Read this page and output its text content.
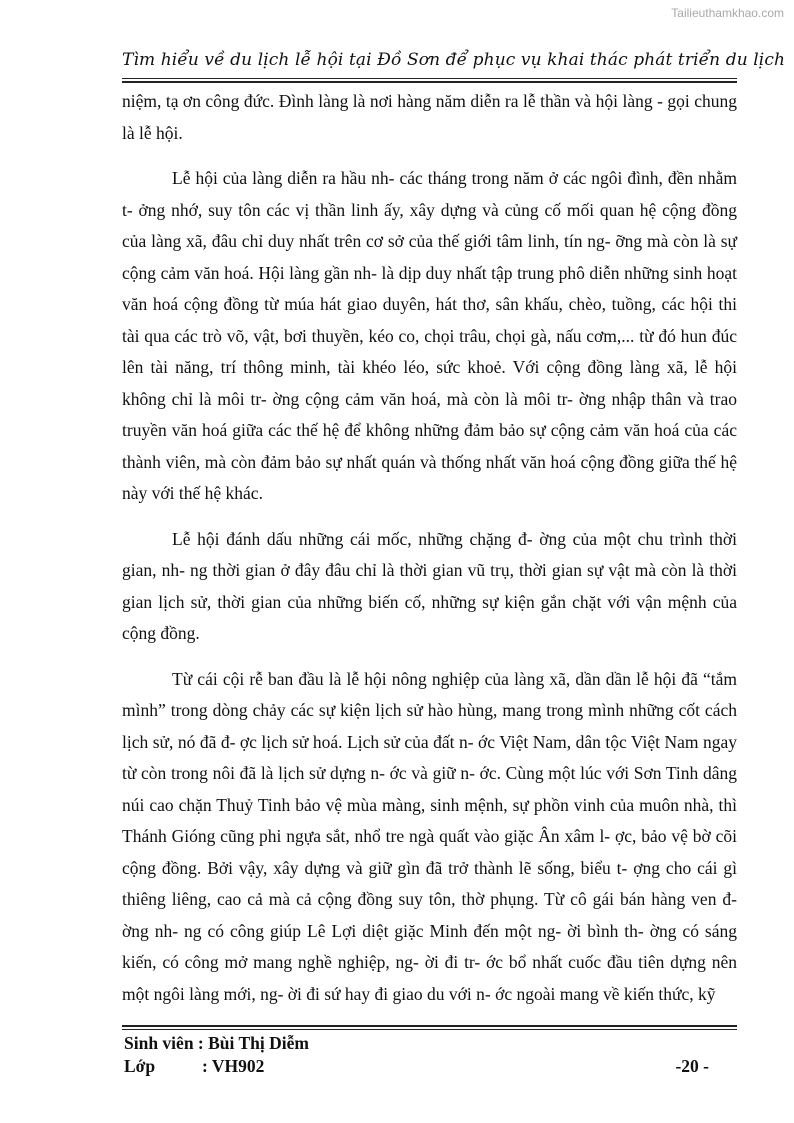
Tailieuthamkhao.com
Tìm hiểu về du lịch lễ hội tại Đồ Sơn để phục vụ khai thác phát triển du lịch

niệm, tạ ơn công đức. Đình làng là nơi hàng năm diễn ra lễ thần và hội làng - gọi chung là lễ hội.

Lễ hội của làng diễn ra hầu nh- các tháng trong năm ở các ngôi đình, đền nhằm t- ởng nhớ, suy tôn các vị thần linh ấy, xây dựng và củng cố mối quan hệ cộng đồng của làng xã, đâu chỉ duy nhất trên cơ sở của thế giới tâm linh, tín ng- ỡng mà còn là sự cộng cảm văn hoá. Hội làng gần nh- là dịp duy nhất tập trung phô diễn những sinh hoạt văn hoá cộng đồng từ múa hát giao duyên, hát thơ, sân khấu, chèo, tuồng, các hội thi tài qua các trò võ, vật, bơi thuyền, kéo co, chọi trâu, chọi gà, nấu cơm,... từ đó hun đúc lên tài năng, trí thông minh, tài khéo léo, sức khoẻ. Với cộng đồng làng xã, lễ hội không chỉ là môi tr- ờng cộng cảm văn hoá, mà còn là môi tr- ờng nhập thân và trao truyền văn hoá giữa các thế hệ để không những đảm bảo sự cộng cảm văn hoá của các thành viên, mà còn đảm bảo sự nhất quán và thống nhất văn hoá cộng đồng giữa thế hệ này với thế hệ khác.

Lễ hội đánh dấu những cái mốc, những chặng đ- ờng của một chu trình thời gian, nh- ng thời gian ở đây đâu chỉ là thời gian vũ trụ, thời gian sự vật mà còn là thời gian lịch sử, thời gian của những biến cố, những sự kiện gắn chặt với vận mệnh của cộng đồng.

Từ cái cội rễ ban đầu là lễ hội nông nghiệp của làng xã, dần dần lễ hội đã “tắm mình” trong dòng chảy các sự kiện lịch sử hào hùng, mang trong mình những cốt cách lịch sử, nó đã đ- ợc lịch sử hoá. Lịch sử của đất n- ớc Việt Nam, dân tộc Việt Nam ngay từ còn trong nôi đã là lịch sử dựng n- ớc và giữ n- ớc. Cùng một lúc với Sơn Tinh dâng núi cao chặn Thuỷ Tinh bảo vệ mùa màng, sinh mệnh, sự phồn vinh của muôn nhà, thì Thánh Gióng cũng phi ngựa sắt, nhổ tre ngà quất vào giặc Ân xâm l- ợc, bảo vệ bờ cõi cộng đồng. Bởi vậy, xây dựng và giữ gìn đã trở thành lẽ sống, biểu t- ợng cho cái gì thiêng liêng, cao cả mà cả cộng đồng suy tôn, thờ phụng. Từ cô gái bán hàng ven đ- ờng nh- ng có công giúp Lê Lợi diệt giặc Minh đến một ng- ời bình th- ờng có sáng kiến, có công mở mang nghề nghiệp, ng- ời đi tr- ớc bổ nhất cuốc đầu tiên dựng nên một ngôi làng mới, ng- ời đi sứ hay đi giao du với n- ớc ngoài mang về kiến thức, kỹ

Sinh viên : Bùi Thị Diễm
Lớp	: VH902	-20 -
